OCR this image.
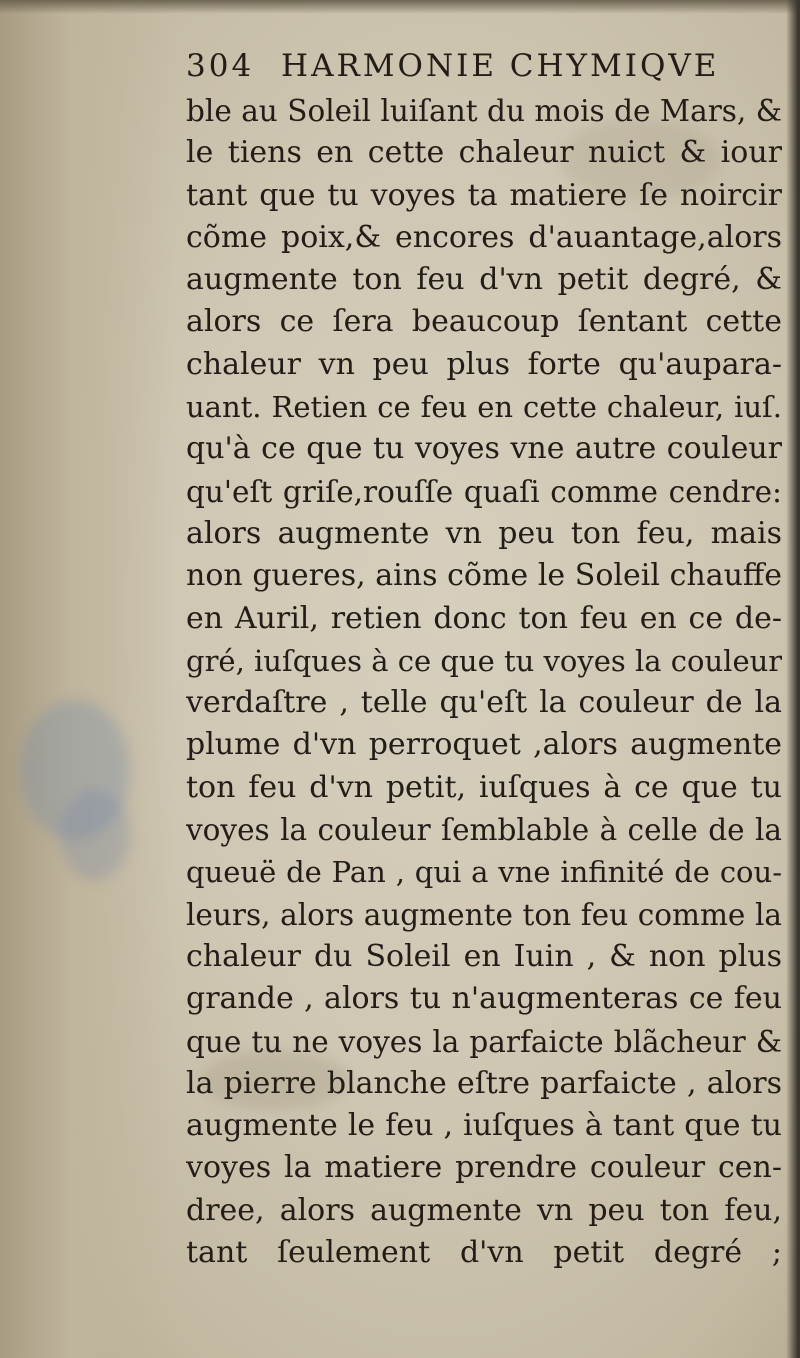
304 HARMONIE CHYMIQVE
ble au Soleil luiſant du mois de Mars, &
le tiens en cette chaleur nuict & iour
tant que tu voyes ta matiere ſe noircir
cõme poix,& encores d'auantage,alors
augmente ton feu d'vn petit degré, &
alors ce ſera beaucoup ſentant cette
chaleur vn peu plus forte qu'aupara-
uant. Retien ce feu en cette chaleur, iuſ.
qu'à ce que tu voyes vne autre couleur
qu'eſt griſe,rouſſe quaſi comme cendre:
alors augmente vn peu ton feu, mais
non gueres, ains cõme le Soleil chauffe
en Auril, retien donc ton feu en ce de-
gré, iuſques à ce que tu voyes la couleur
verdaſtre , telle qu'eſt la couleur de la
plume d'vn perroquet ,alors augmente
ton feu d'vn petit, iuſques à ce que tu
voyes la couleur ſemblable à celle de la
queuë de Pan , qui a vne infinité de cou-
leurs, alors augmente ton feu comme la
chaleur du Soleil en Iuin , & non plus
grande , alors tu n'augmenteras ce feu
que tu ne voyes la parfaicte blãcheur &
la pierre blanche eſtre parfaicte , alors
augmente le feu , iuſques à tant que tu
voyes la matiere prendre couleur cen-
dree, alors augmente vn peu ton feu,
tant ſeulement d'vn petit degré ;
